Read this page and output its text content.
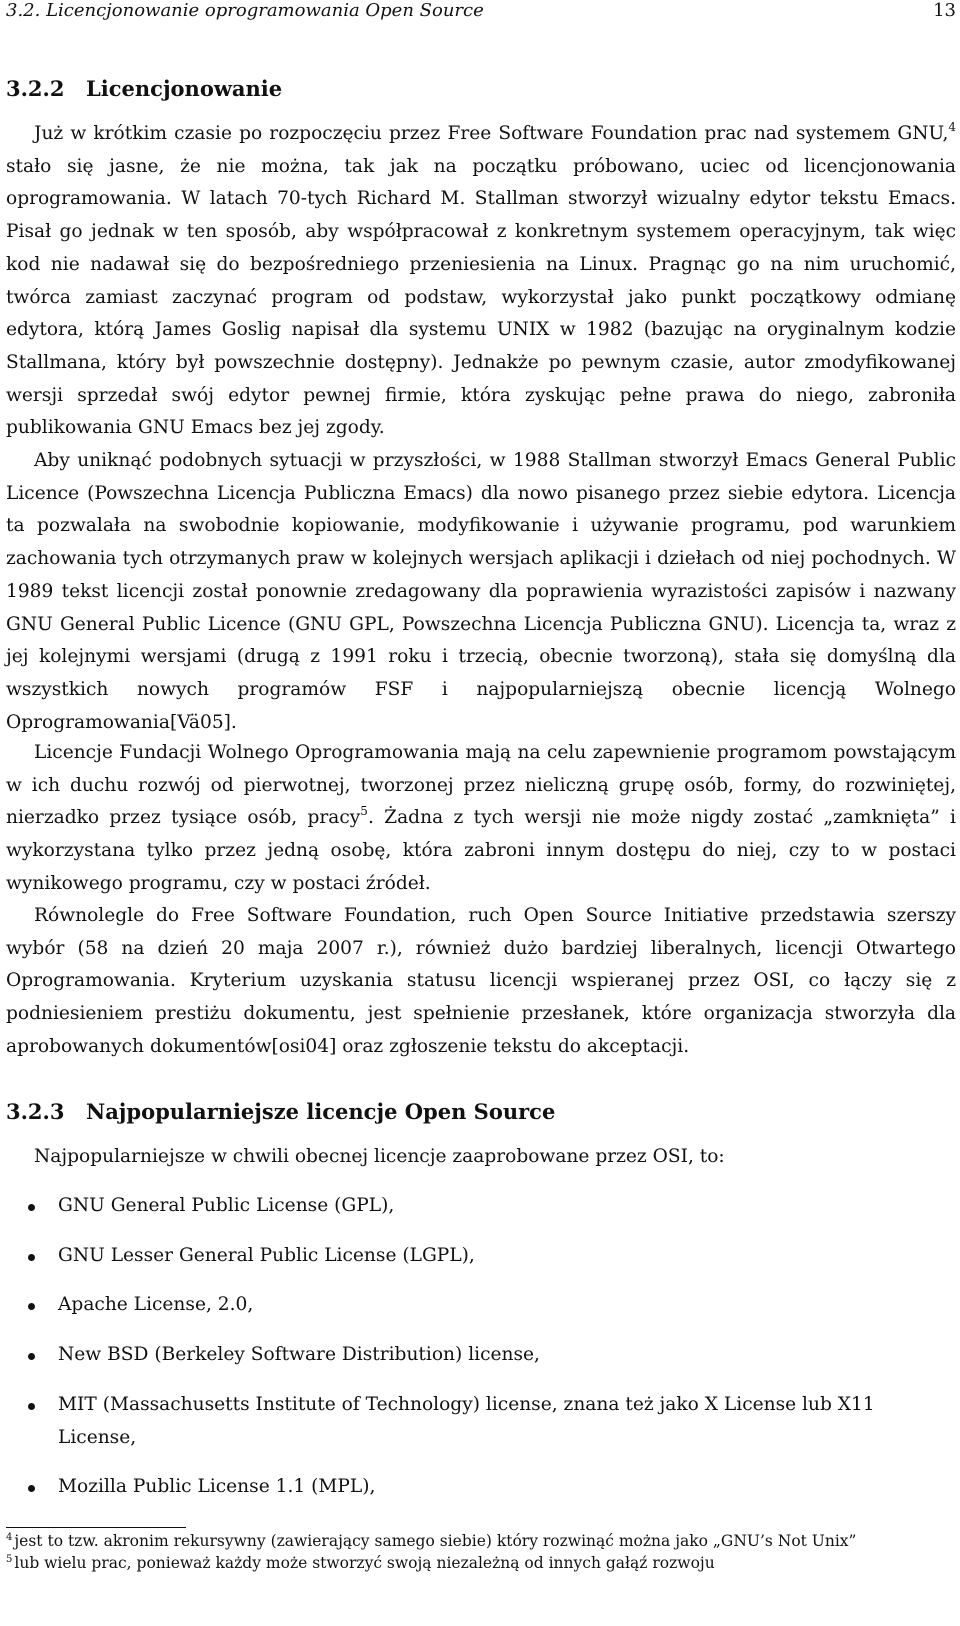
3.2. Licencjonowanie oprogramowania Open Source	13
3.2.2 Licencjonowanie
Już w krótkim czasie po rozpoczęciu przez Free Software Foundation prac nad systemem GNU,$^4$ stało się jasne, że nie można, tak jak na początku próbowano, uciec od licencjonowania oprogramowania. W latach 70-tych Richard M. Stallman stworzył wizualny edytor tekstu Emacs. Pisał go jednak w ten sposób, aby współpracował z konkretnym systemem operacyjnym, tak więc kod nie nadawał się do bezpośredniego przeniesienia na Linux. Pragnąc go na nim uruchomić, twórca zamiast zaczynać program od podstaw, wykorzystał jako punkt początkowy odmianę edytora, którą James Goslig napisał dla systemu UNIX w 1982 (bazując na oryginalnym kodzie Stallmana, który był powszechnie dostępny). Jednakże po pewnym czasie, autor zmodyfikowanej wersji sprzedał swój edytor pewnej firmie, która zyskując pełne prawa do niego, zabroniła publikowania GNU Emacs bez jej zgody.
Aby uniknąć podobnych sytuacji w przyszłości, w 1988 Stallman stworzył Emacs General Public Licence (Powszechna Licencja Publiczna Emacs) dla nowo pisanego przez siebie edytora. Licencja ta pozwalała na swobodnie kopiowanie, modyfikowanie i używanie programu, pod warunkiem zachowania tych otrzymanych praw w kolejnych wersjach aplikacji i dziełach od niej pochodnych. W 1989 tekst licencji został ponownie zredagowany dla poprawienia wyrazistości zapisów i nazwany GNU General Public Licence (GNU GPL, Powszechna Licencja Publiczna GNU). Licencja ta, wraz z jej kolejnymi wersjami (drugą z 1991 roku i trzecią, obecnie tworzoną), stała się domyślną dla wszystkich nowych programów FSF i najpopularniejszą obecnie licencją Wolnego Oprogramowania[Vä05].
Licencje Fundacji Wolnego Oprogramowania mają na celu zapewnienie programom powstającym w ich duchu rozwój od pierwotnej, tworzonej przez nieliczną grupę osób, formy, do rozwiniętej, nierzadko przez tysiące osób, pracy$^5$. Żadna z tych wersji nie może nigdy zostać „zamknięta” i wykorzystana tylko przez jedną osobę, która zabroni innym dostępu do niej, czy to w postaci wynikowego programu, czy w postaci źródeł.
Równolegle do Free Software Foundation, ruch Open Source Initiative przedstawia szerszy wybór (58 na dzień 20 maja 2007 r.), również dużo bardziej liberalnych, licencji Otwartego Oprogramowania. Kryterium uzyskania statusu licencji wspieranej przez OSI, co łączy się z podniesieniem prestiżu dokumentu, jest spełnienie przesłanek, które organizacja stworzyła dla aprobowanych dokumentów[osi04] oraz zgłoszenie tekstu do akceptacji.
3.2.3 Najpopularniejsze licencje Open Source
Najpopularniejsze w chwili obecnej licencje zaaprobowane przez OSI, to:
GNU General Public License (GPL),
GNU Lesser General Public License (LGPL),
Apache License, 2.0,
New BSD (Berkeley Software Distribution) license,
MIT (Massachusetts Institute of Technology) license, znana też jako X License lub X11 License,
Mozilla Public License 1.1 (MPL),
$^4$ jest to tzw. akronim rekursywny (zawierający samego siebie) który rozwinąć można jako „GNU’s Not Unix”
$^5$ lub wielu prac, ponieważ każdy może stworzyć swoją niezależną od innych gałąź rozwoju
